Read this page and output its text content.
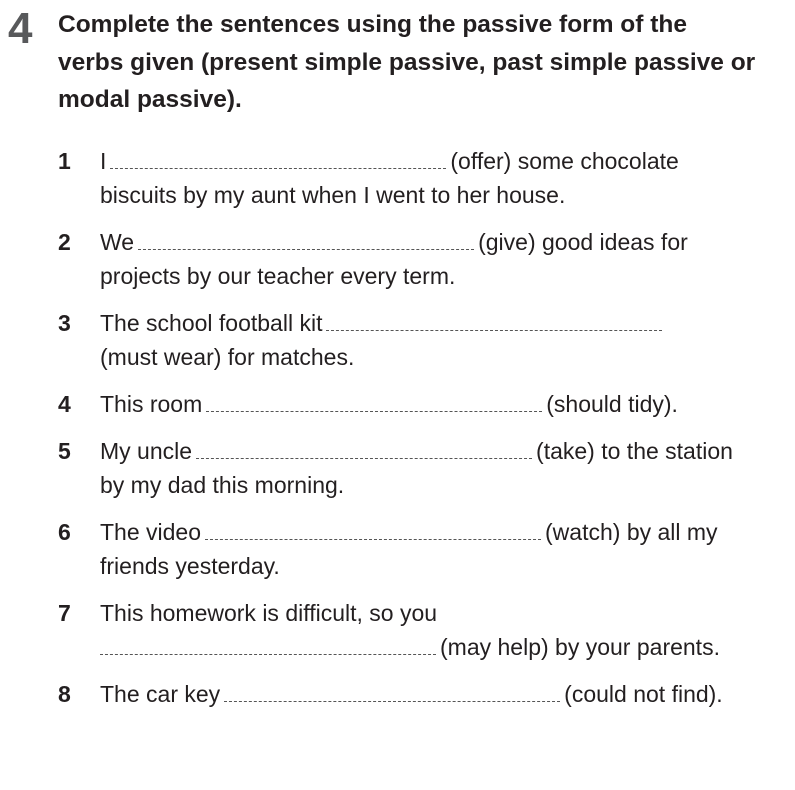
4 Complete the sentences using the passive form of the verbs given (present simple passive, past simple passive or modal passive).

1 I	(offer) some chocolate biscuits by my aunt when I went to her house.
2 We	(give) good ideas for projects by our teacher every term.
3 The school football kit
(must wear) for matches.
4 This room	(should tidy).
5 My uncle	(take) to the station by my dad this morning.
6 The video	(watch) by all my friends yesterday.
7 This homework is difficult, so you
(may help) by your parents.
8 The car key	(could not find).
